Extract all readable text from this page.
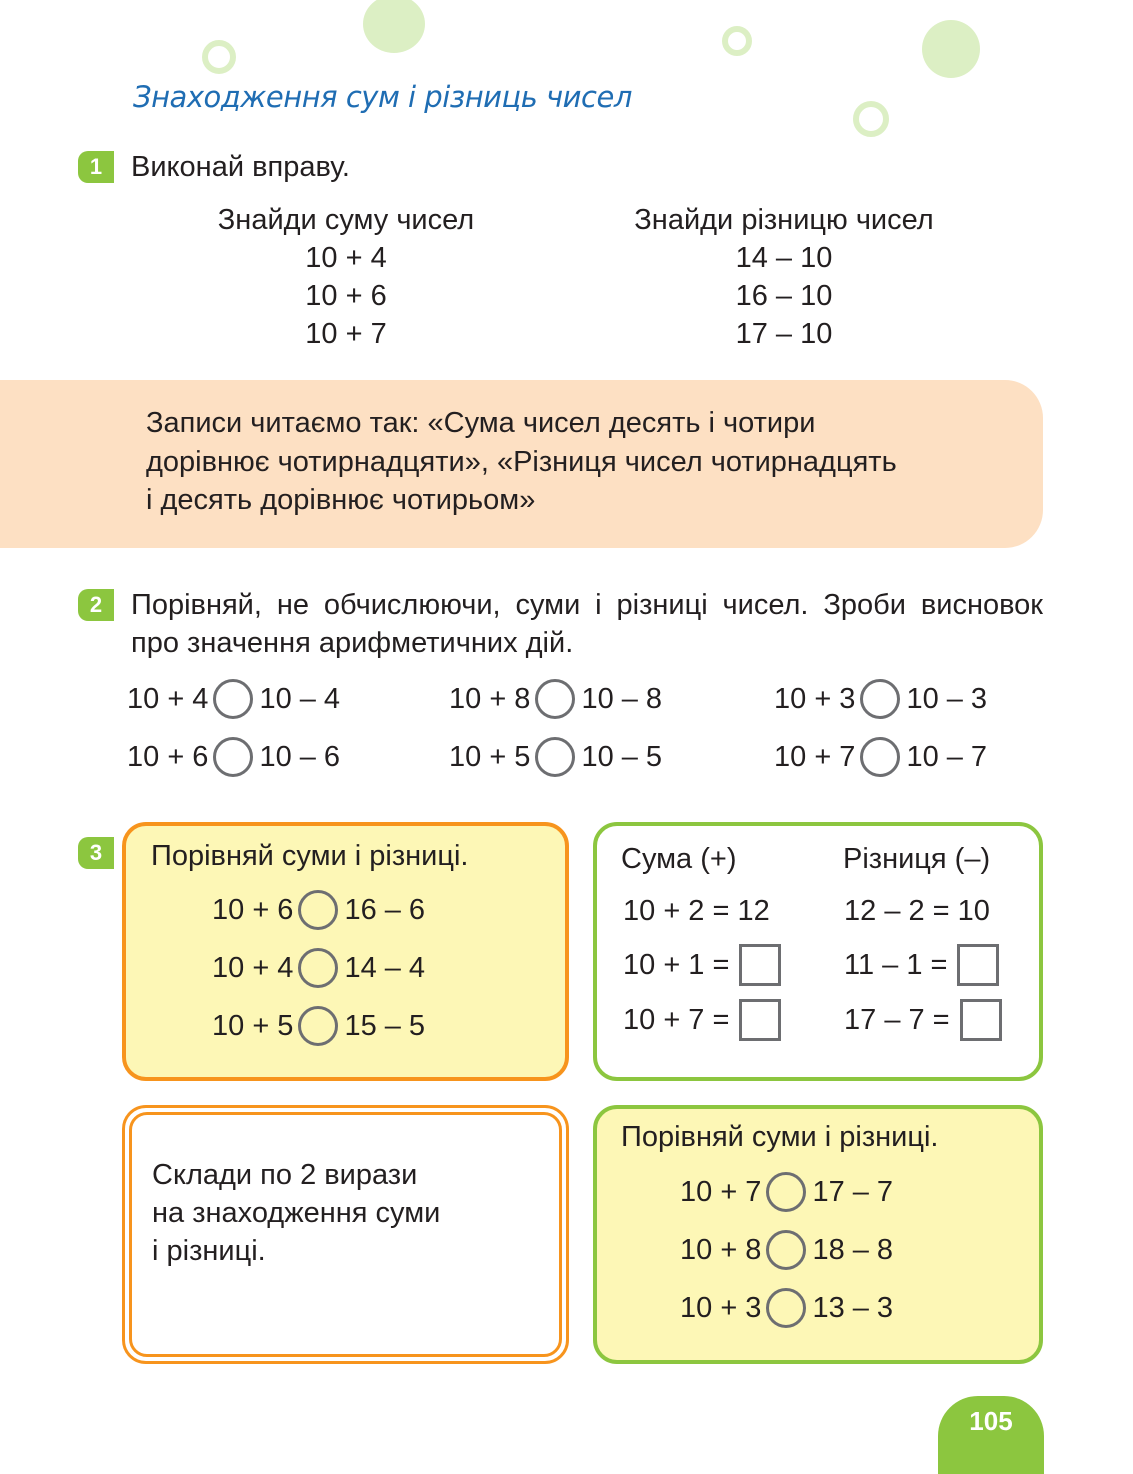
Знаходження сум і різниць чисел
1 Виконай вправу.
Знайди суму чисел
10 + 4
10 + 6
10 + 7
Знайди різницю чисел
14 – 10
16 – 10
17 – 10
Записи читаємо так: «Сума чисел десять і чотири
дорівнює чотирнадцяти», «Різниця чисел чотирнадцять
і десять дорівнює чотирьом»
2 Порівняй, не обчислюючи, суми і різниці чисел. Зроби висновок про значення арифметичних дій.
10 + 4 10 – 4	10 + 8 10 – 8	10 + 3 10 – 3
10 + 6 10 – 6	10 + 5 10 – 5	10 + 7 10 – 7
3	Порівняй суми і різниці.
10 + 6 16 – 6
10 + 4 14 – 4
10 + 5 15 – 5
Сума (+)	Різниця (–)
10 + 2 = 12	12 – 2 = 10
10 + 1 =	11 – 1 =
10 + 7 =	17 – 7 =
Склади по 2 вирази
на знаходження суми
і різниці.
Порівняй суми і різниці.
10 + 7 17 – 7
10 + 8 18 – 8
10 + 3 13 – 3
105
